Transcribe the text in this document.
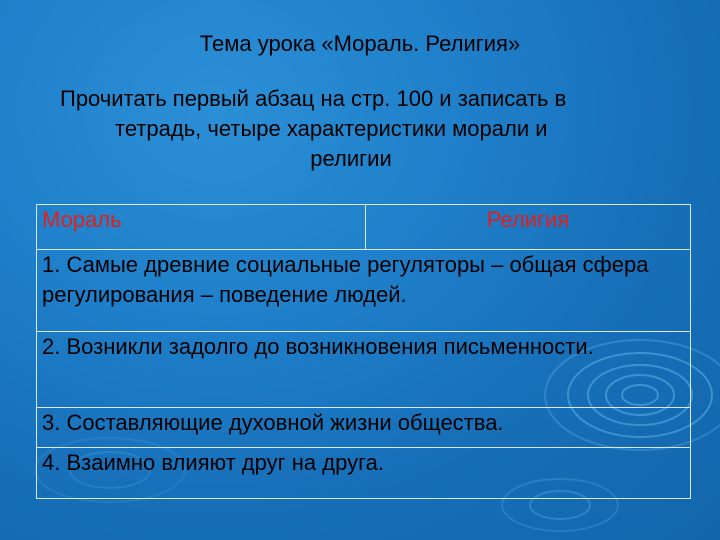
Тема урока «Мораль. Религия»
Прочитать первый абзац на стр. 100 и записать в
тетрадь, четыре характеристики морали и
религии
Мораль	Религия
1. Самые древние социальные регуляторы – общая сфера регулирования – поведение людей.
2. Возникли задолго до возникновения письменности.
3. Составляющие духовной жизни общества.
4. Взаимно влияют друг на друга.
